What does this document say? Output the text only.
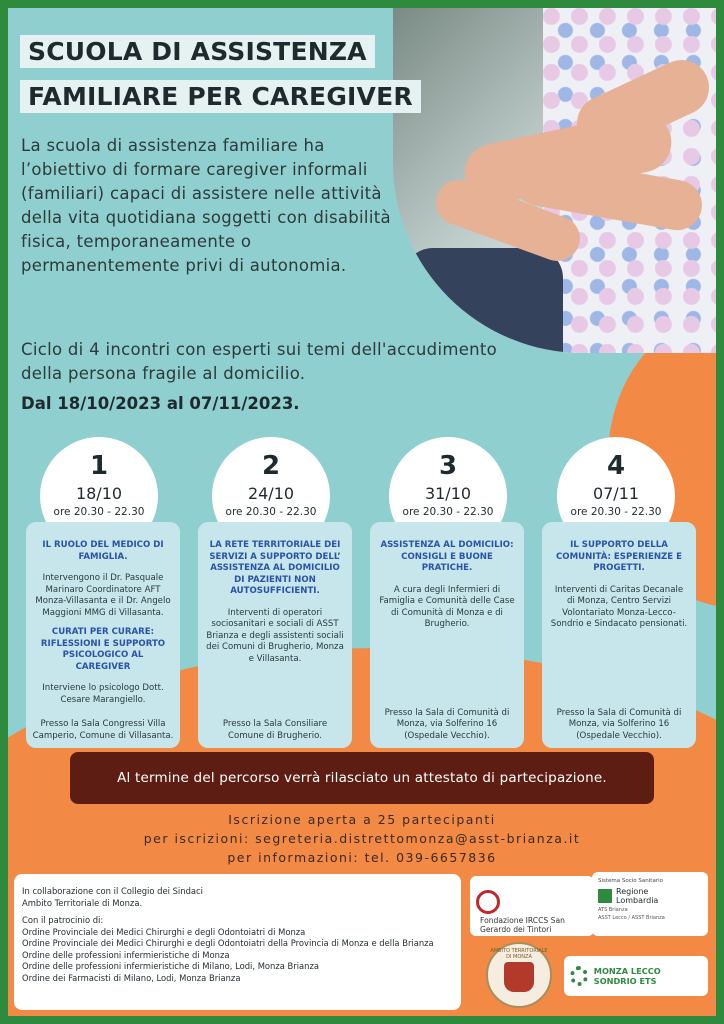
SCUOLA DI ASSISTENZA
FAMILIARE PER CAREGIVER

La scuola di assistenza familiare ha l’obiettivo di formare caregiver informali (familiari) capaci di assistere nelle attività della vita quotidiana soggetti con disabilità fisica, temporaneamente o permanentemente privi di autonomia.

Ciclo di 4 incontri con esperti sui temi dell'accudimento della persona fragile al domicilio.

Dal 18/10/2023 al 07/11/2023.

1
18/10
ore 20.30 - 22.30
2
24/10
ore 20.30 - 22.30
3
31/10
ore 20.30 - 22.30
4
07/11
ore 20.30 - 22.30
IL RUOLO DEL MEDICO DI FAMIGLIA.
Intervengono il Dr. Pasquale Marinaro Coordinatore AFT Monza-Villasanta e il Dr. Angelo Maggioni MMG di Villasanta.
CURATI PER CURARE: RIFLESSIONI E SUPPORTO PSICOLOGICO AL CAREGIVER
Interviene lo psicologo Dott. Cesare Marangiello.
Presso la Sala Congressi Villa Camperio, Comune di Villasanta.
LA RETE TERRITORIALE DEI SERVIZI A SUPPORTO DELL’ ASSISTENZA AL DOMICILIO DI PAZIENTI NON AUTOSUFFICIENTI.
Interventi di operatori sociosanitari e sociali di ASST Brianza e degli assistenti sociali dei Comuni di Brugherio, Monza e Villasanta.
Presso la Sala Consiliare Comune di Brugherio.
ASSISTENZA AL DOMICILIO: CONSIGLI E BUONE PRATICHE.
A cura degli Infermieri di Famiglia e Comunità delle Case di Comunità di Monza e di Brugherio.
Presso la Sala di Comunità di Monza, via Solferino 16 (Ospedale Vecchio).
IL SUPPORTO DELLA COMUNITÀ: ESPERIENZE E PROGETTI.
Interventi di Caritas Decanale di Monza, Centro Servizi Volontariato Monza-Lecco-Sondrio e Sindacato pensionati.
Presso la Sala di Comunità di Monza, via Solferino 16 (Ospedale Vecchio).
Al termine del percorso verrà rilasciato un attestato di partecipazione.
Iscrizione aperta a 25 partecipanti
per iscrizioni: segreteria.distrettomonza@asst-brianza.it
per informazioni: tel. 039-6657836
In collaborazione con il Collegio dei Sindaci
Ambito Territoriale di Monza.
Con il patrocinio di:
Ordine Provinciale dei Medici Chirurghi e degli Odontoiatri di Monza
Ordine Provinciale dei Medici Chirurghi e degli Odontoiatri della Provincia di Monza e della Brianza
Ordine delle professioni infermieristiche di Monza
Ordine delle professioni infermieristiche di Milano, Lodi, Monza Brianza
Ordine dei Farmacisti di Milano, Lodi, Monza Brianza
Fondazione IRCCS San Gerardo dei Tintori
Sistema Socio Sanitario
Regione
Lombardia
ATS Brianza
ASST Lecco / ASST Brianza
AMBITO TERRITORIALE DI MONZA
MONZA LECCO SONDRIO ETS
